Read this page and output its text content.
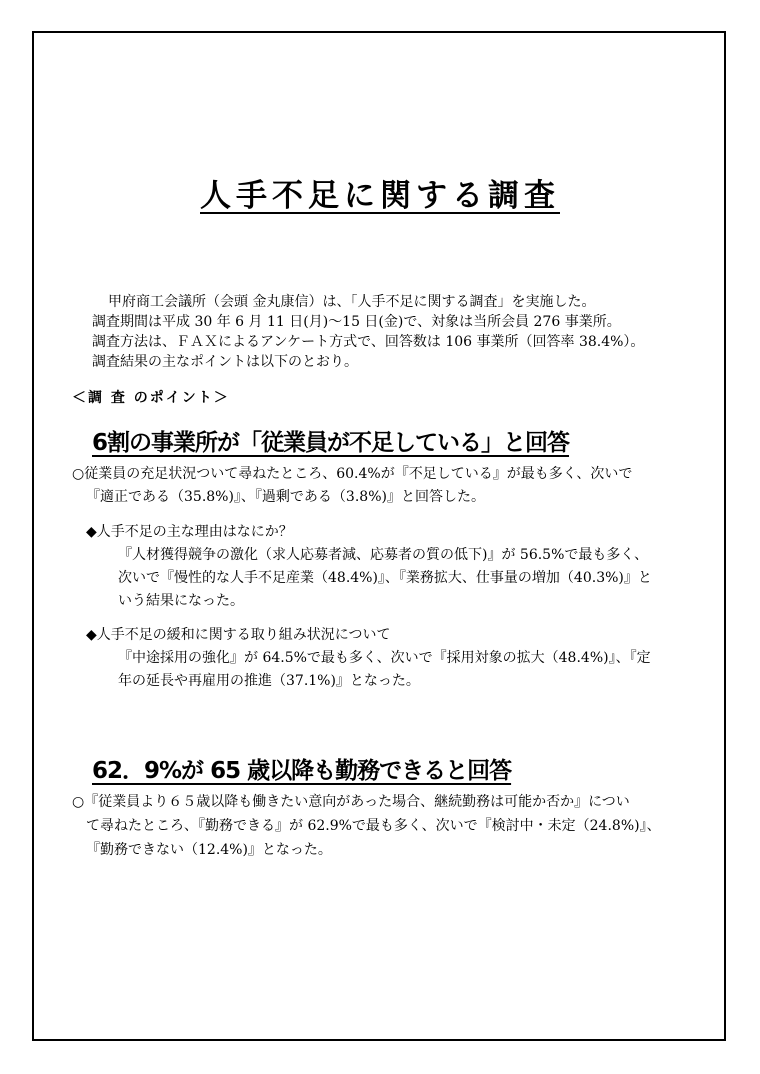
人手不足に関する調査
甲府商工会議所（会頭 金丸康信）は、「人手不足に関する調査」を実施した。
調査期間は平成 30 年 6 月 11 日(月)～15 日(金)で、対象は当所会員 276 事業所。
調査方法は、ＦＡＸによるアンケート方式で、回答数は 106 事業所（回答率 38.4%）。
調査結果の主なポイントは以下のとおり。
＜調 査 のポイント＞
6割の事業所が「従業員が不足している」と回答
○従業員の充足状況ついて尋ねたところ、60.4%が『不足している』が最も多く、次いで
『適正である（35.8%)』、『過剰である（3.8%)』と回答した。
◆人手不足の主な理由はなにか？
『人材獲得競争の激化（求人応募者減、応募者の質の低下)』が 56.5%で最も多く、
次いで『慢性的な人手不足産業（48.4%)』、『業務拡大、仕事量の増加（40.3%)』と
いう結果になった。
◆人手不足の緩和に関する取り組み状況について
『中途採用の強化』が 64.5%で最も多く、次いで『採用対象の拡大（48.4%)』、『定
年の延長や再雇用の推進（37.1%)』となった。
62．9%が 65 歳以降も勤務できると回答
○『従業員より６５歳以降も働きたい意向があった場合、継続勤務は可能か否か』につい
て尋ねたところ、『勤務できる』が 62.9%で最も多く、次いで『検討中・未定（24.8%)』、
『勤務できない（12.4%)』となった。
